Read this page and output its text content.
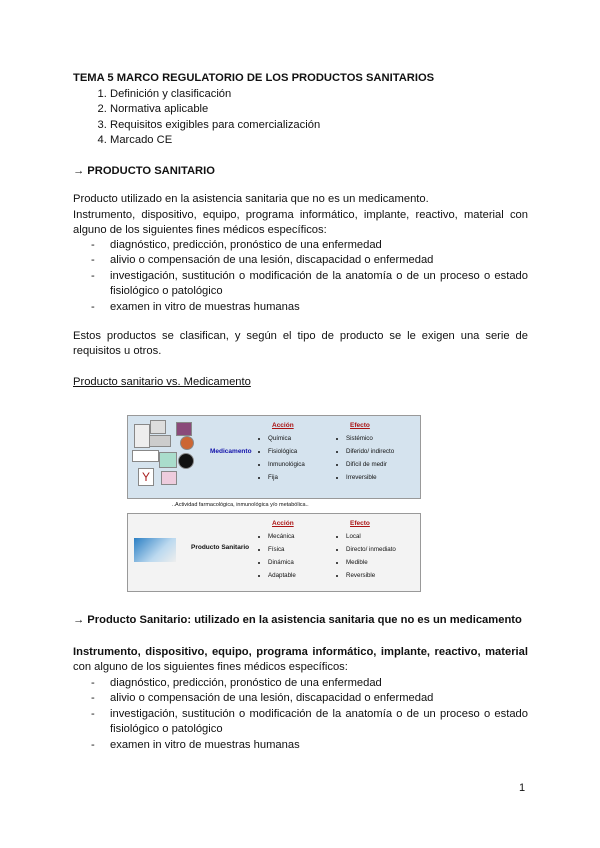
TEMA 5 MARCO REGULATORIO DE LOS PRODUCTOS SANITARIOS
1. Definición y clasificación
2. Normativa aplicable
3. Requisitos exigibles para comercialización
4. Marcado CE
→ PRODUCTO SANITARIO
Producto utilizado en la asistencia sanitaria que no es un medicamento.
Instrumento, dispositivo, equipo, programa informático, implante, reactivo, material con alguno de los siguientes fines médicos específicos:
- diagnóstico, predicción, pronóstico de una enfermedad
- alivio o compensación de una lesión, discapacidad o enfermedad
- investigación, sustitución o modificación de la anatomía o de un proceso o estado fisiológico o patológico
- examen in vitro de muestras humanas
Estos productos se clasifican, y según el tipo de producto se le exigen una serie de requisitos u otros.
Producto sanitario vs. Medicamento
Y
Medicamento
Acción
• Química
• Fisiológica
• Inmunológica
• Fija
Efecto
• Sistémico
• Diferido/ indirecto
• Difícil de medir
• Irreversible
..Actividad farmacológica, inmunológica y/o metabólica..
Producto Sanitario
Acción
• Mecánica
• Física
• Dinámica
• Adaptable
Efecto
• Local
• Directo/ inmediato
• Medible
• Reversible
→ Producto Sanitario: utilizado en la asistencia sanitaria que no es un medicamento
Instrumento, dispositivo, equipo, programa informático, implante, reactivo, material con alguno de los siguientes fines médicos específicos:
- diagnóstico, predicción, pronóstico de una enfermedad
- alivio o compensación de una lesión, discapacidad o enfermedad
- investigación, sustitución o modificación de la anatomía o de un proceso o estado fisiológico o patológico
- examen in vitro de muestras humanas
1
